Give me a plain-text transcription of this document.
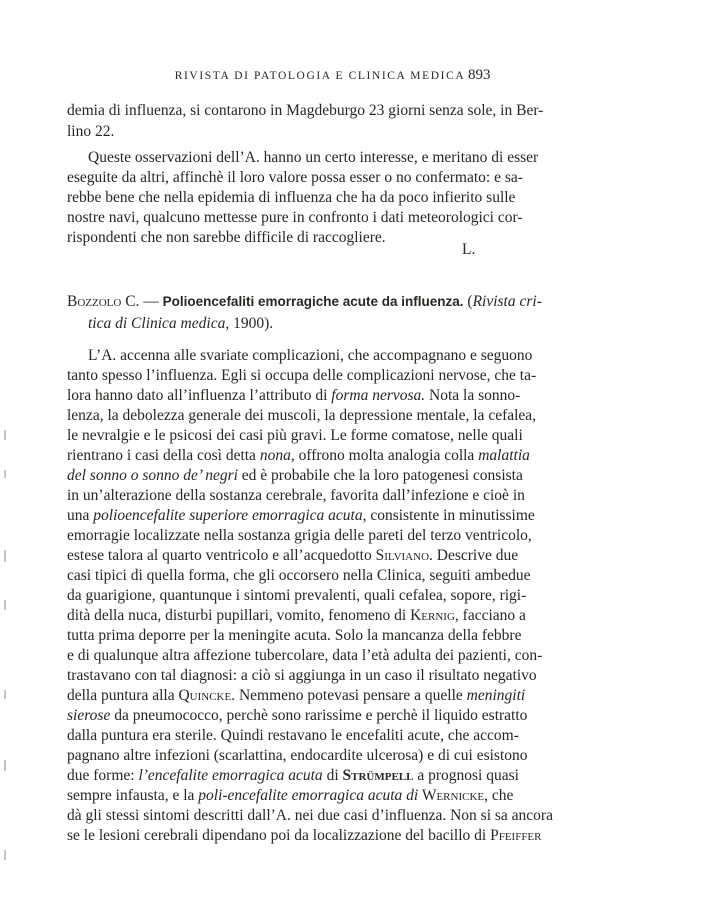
RIVISTA DI PATOLOGIA E CLINICA MEDICA 893
demia di influenza, si contarono in Magdeburgo 23 giorni senza sole, in Ber-
lino 22.
Queste osservazioni dell’A. hanno un certo interesse, e meritano di esser
eseguite da altri, affinchè il loro valore possa esser o no confermato: e sa-
rebbe bene che nella epidemia di influenza che ha da poco infierito sulle
nostre navi, qualcuno mettesse pure in confronto i dati meteorologici cor-
rispondenti che non sarebbe difficile di raccogliere.
L.
Bozzolo C. — Polioencefaliti emorragiche acute da influenza. (Rivista cri-
tica di Clinica medica, 1900).
L’A. accenna alle svariate complicazioni, che accompagnano e seguono
tanto spesso l’influenza. Egli si occupa delle complicazioni nervose, che ta-
lora hanno dato all’influenza l’attributo di forma nervosa. Nota la sonno-
lenza, la debolezza generale dei muscoli, la depressione mentale, la cefalea,
le nevralgie e le psicosi dei casi più gravi. Le forme comatose, nelle quali
rientrano i casi della così detta nona, offrono molta analogia colla malattia
del sonno o sonno de’ negri ed è probabile che la loro patogenesi consista
in un’alterazione della sostanza cerebrale, favorita dall’infezione e cioè in
una polioencefalite superiore emorragica acuta, consistente in minutissime
emorragie localizzate nella sostanza grigia delle pareti del terzo ventricolo,
estese talora al quarto ventricolo e all’acquedotto Silviano. Descrive due
casi tipici di quella forma, che gli occorsero nella Clinica, seguiti ambedue
da guarigione, quantunque i sintomi prevalenti, quali cefalea, sopore, rigi-
dità della nuca, disturbi pupillari, vomito, fenomeno di Kernig, facciano a
tutta prima deporre per la meningite acuta. Solo la mancanza della febbre
e di qualunque altra affezione tubercolare, data l’età adulta dei pazienti, con-
trastavano con tal diagnosi: a ciò si aggiunga in un caso il risultato negativo
della puntura alla Quincke. Nemmeno potevasi pensare a quelle meningiti
sierose da pneumococco, perchè sono rarissime e perchè il liquido estratto
dalla puntura era sterile. Quindi restavano le encefaliti acute, che accom-
pagnano altre infezioni (scarlattina, endocardite ulcerosa) e di cui esistono
due forme: l’encefalite emorragica acuta di Strümpell a prognosi quasi
sempre infausta, e la poli-encefalite emorragica acuta di Wernicke, che
dà gli stessi sintomi descritti dall’A. nei due casi d’influenza. Non si sa ancora
se le lesioni cerebrali dipendano poi da localizzazione del bacillo di Pfeiffer
